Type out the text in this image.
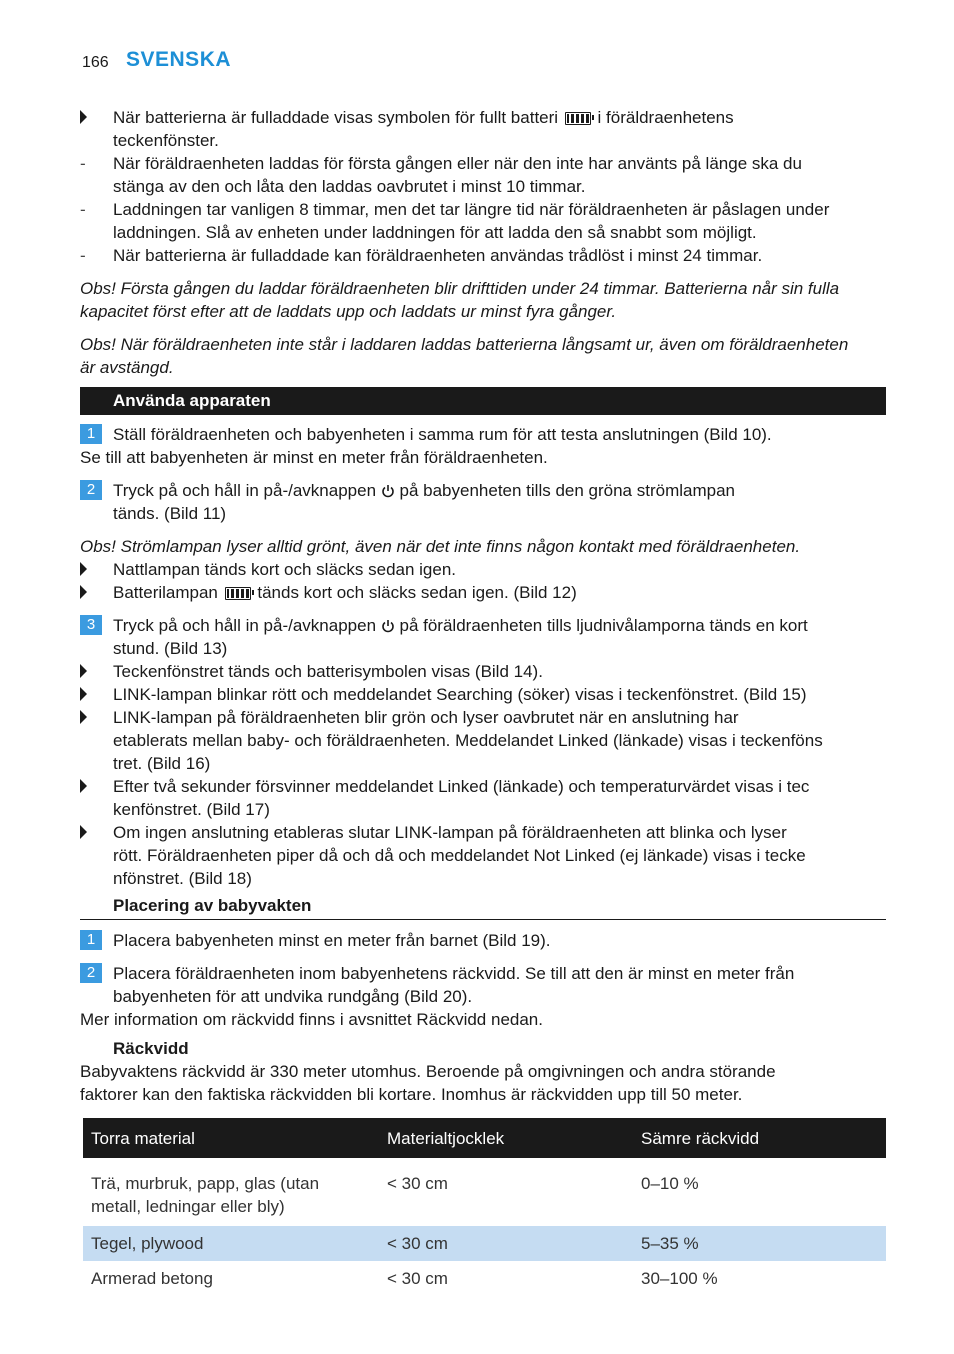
166 SVENSKA
När batterierna är fulladdade visas symbolen för fullt batteri i föräldraenhetens
teckenfönster.
-	När föräldraenheten laddas för första gången eller när den inte har använts på länge ska du
stänga av den och låta den laddas oavbrutet i minst 10 timmar.
-	Laddningen tar vanligen 8 timmar, men det tar längre tid när föräldraenheten är påslagen under
laddningen. Slå av enheten under laddningen för att ladda den så snabbt som möjligt.
-	När batterierna är fulladdade kan föräldraenheten användas trådlöst i minst 24 timmar.
Obs! Första gången du laddar föräldraenheten blir drifttiden under 24 timmar. Batterierna når sin fulla
kapacitet först efter att de laddats upp och laddats ur minst fyra gånger.
Obs! När föräldraenheten inte står i laddaren laddas batterierna långsamt ur, även om föräldraenheten
är avstängd.
Använda apparaten
1	Ställ föräldraenheten och babyenheten i samma rum för att testa anslutningen (Bild 10).
Se till att babyenheten är minst en meter från föräldraenheten.
2	Tryck på och håll in på-/avknappen på babyenheten tills den gröna strömlampan
tänds. (Bild 11)
Obs! Strömlampan lyser alltid grönt, även när det inte finns någon kontakt med föräldraenheten.
Nattlampan tänds kort och släcks sedan igen.
Batterilampan tänds kort och släcks sedan igen. (Bild 12)
3	Tryck på och håll in på-/avknappen på föräldraenheten tills ljudnivålamporna tänds en kort
stund. (Bild 13)
Teckenfönstret tänds och batterisymbolen visas (Bild 14).
LINK-lampan blinkar rött och meddelandet Searching (söker) visas i teckenfönstret. (Bild 15)
LINK-lampan på föräldraenheten blir grön och lyser oavbrutet när en anslutning har
etablerats mellan baby- och föräldraenheten. Meddelandet Linked (länkade) visas i teckenföns
tret. (Bild 16)
Efter två sekunder försvinner meddelandet Linked (länkade) och temperaturvärdet visas i tec
kenfönstret. (Bild 17)
Om ingen anslutning etableras slutar LINK-lampan på föräldraenheten att blinka och lyser
rött. Föräldraenheten piper då och då och meddelandet Not Linked (ej länkade) visas i tecke
nfönstret. (Bild 18)
Placering av babyvakten
1	Placera babyenheten minst en meter från barnet (Bild 19).
2	Placera föräldraenheten inom babyenhetens räckvidd. Se till att den är minst en meter från
babyenheten för att undvika rundgång (Bild 20).
Mer information om räckvidd finns i avsnittet Räckvidd nedan.
Räckvidd
Babyvaktens räckvidd är 330 meter utomhus. Beroende på omgivningen och andra störande
faktorer kan den faktiska räckvidden bli kortare. Inomhus är räckvidden upp till 50 meter.
Torra material	Materialtjocklek	Sämre räckvidd
Trä, murbruk, papp, glas (utan metall, ledningar eller bly)	< 30 cm	0–10 %
Tegel, plywood	< 30 cm	5–35 %
Armerad betong	< 30 cm	30–100 %
